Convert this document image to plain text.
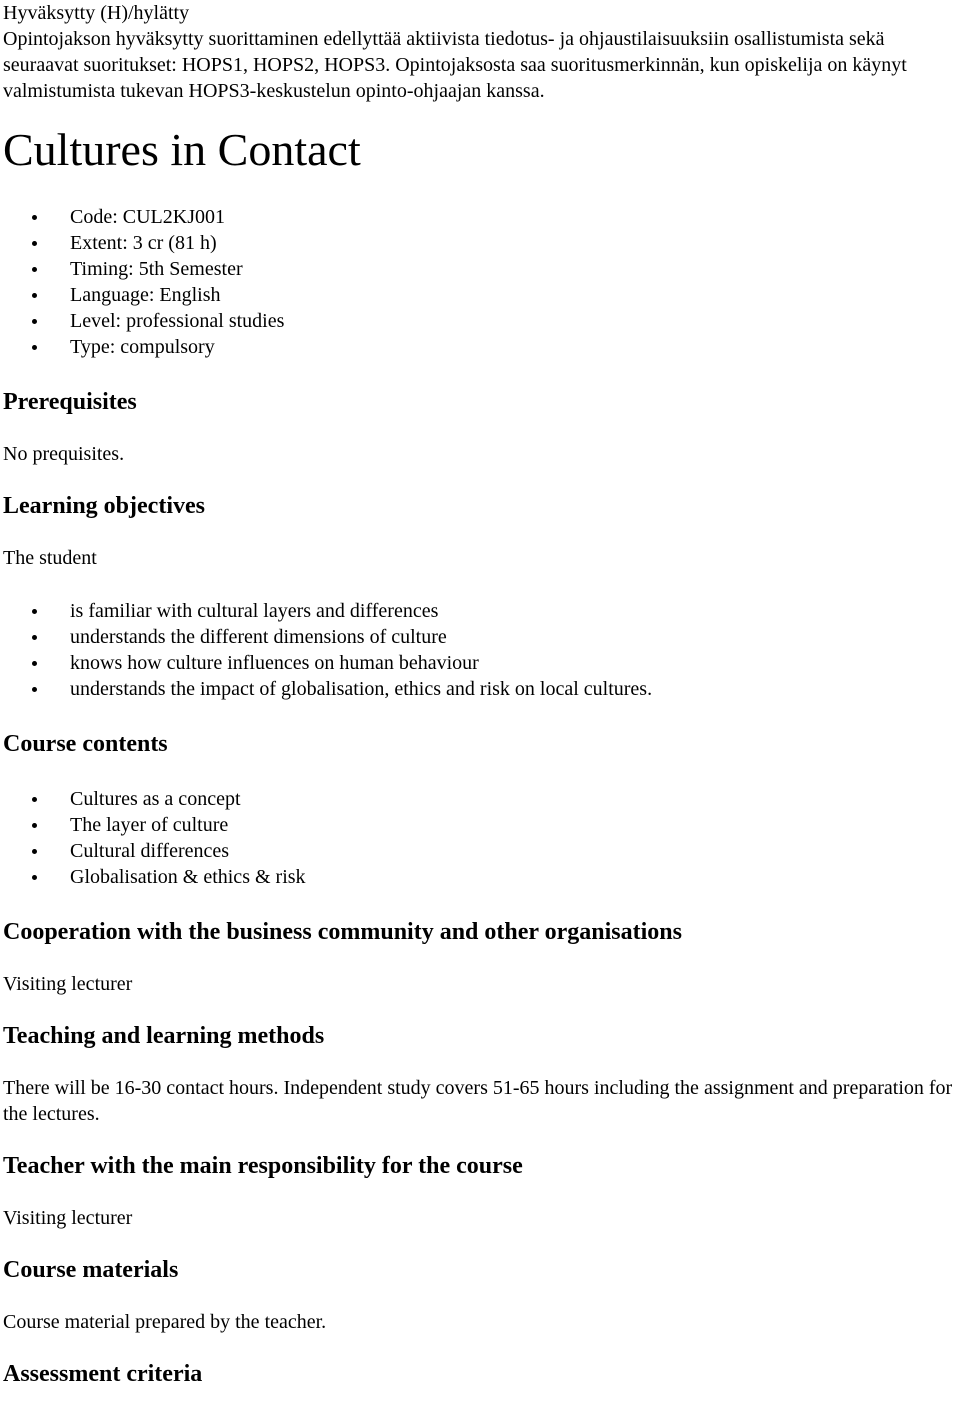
Hyväksytty (H)/hylätty

Opintojakson hyväksytty suorittaminen edellyttää aktiivista tiedotus- ja ohjaustilaisuuksiin osallistumista sekä seuraavat suoritukset: HOPS1, HOPS2, HOPS3. Opintojaksosta saa suoritusmerkinnän, kun opiskelija on käynyt valmistumista tukevan HOPS3-keskustelun opinto-ohjaajan kanssa.

Cultures in Contact
Code: CUL2KJ001
Extent: 3 cr (81 h)
Timing: 5th Semester
Language: English
Level: professional studies
Type: compulsory
Prerequisites

No prequisites.

Learning objectives

The student

is familiar with cultural layers and differences
understands the different dimensions of culture
knows how culture influences on human behaviour
understands the impact of globalisation, ethics and risk on local cultures.
Course contents
Cultures as a concept
The layer of culture
Cultural differences
Globalisation & ethics & risk
Cooperation with the business community and other organisations

Visiting lecturer

Teaching and learning methods

There will be 16-30 contact hours. Independent study covers 51-65 hours including the assignment and preparation for the lectures.

Teacher with the main responsibility for the course

Visiting lecturer

Course materials

Course material prepared by the teacher.

Assessment criteria
